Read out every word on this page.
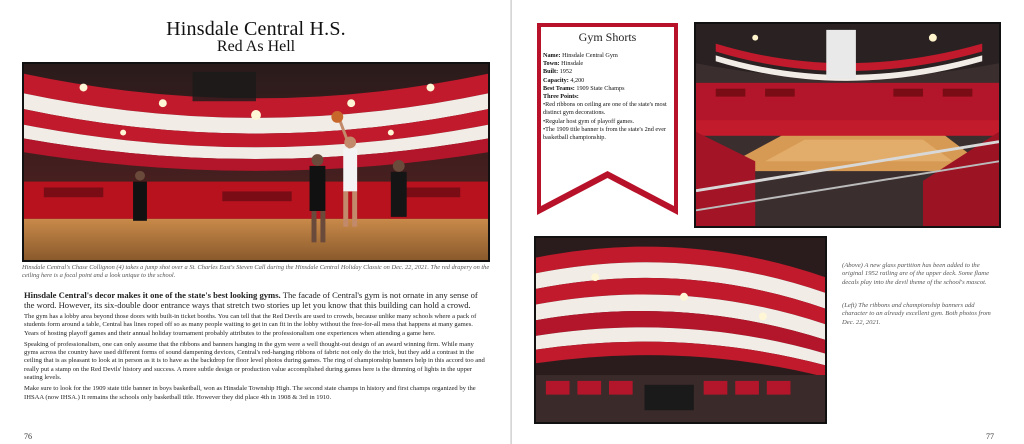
Hinsdale Central H.S.
Red As Hell
Hinsdale Central's Chase Collignon (4) takes a jump shot over a St. Charles East's Steven Call during the Hinsdale Central Holiday Classic on Dec. 22, 2021. The red drapery on the ceiling here is a focal point and a look unique to the school.

Hinsdale Central's decor makes it one of the state's best looking gyms. The facade of Central's gym is not ornate in any sense of the word. However, its six-double door entrance ways that stretch two stories up let you know that this building can hold a crowd.

The gym has a lobby area beyond those doors with built-in ticket booths. You can tell that the Red Devils are used to crowds, because unlike many schools where a pack of students form around a table, Central has lines roped off so as many people waiting to get in can fit in the lobby without the free-for-all mess that happens at many games. Years of hosting playoff games and their annual holiday tournament probably attributes to the professionalism one experiences when attending a game here.

Speaking of professionalism, one can only assume that the ribbons and banners hanging in the gym were a well thought-out design of an award winning firm. While many gyms across the country have used different forms of sound dampening devices, Central's red-hanging ribbons of fabric not only do the trick, but they add a contrast in the ceiling that is as pleasant to look at in person as it is to have as the backdrop for floor level photos during games. The ring of championship banners help in this accord too and really put a stamp on the Red Devils' history and success. A more subtle design or production value accomplished during games here is the dimming of lights in the upper seating levels.

Make sure to look for the 1909 state title banner in boys basketball, won as Hinsdale Township High. The second state champs in history and first champs organized by the IHSAA (now IHSA.) It remains the schools only basketball title. However they did place 4th in 1908 & 3rd in 1910.

76	77
Gym Shorts
Name: Hinsdale Central Gym
Town: Hinsdale
Built: 1952
Capacity: 4,200
Best Teams: 1909 State Champs
Three Points:
•Red ribbons on ceiling are one of the state's most distinct gym decorations.
•Regular host gym of playoff games.
•The 1909 title banner is from the state's 2nd ever basketball championship.
(Above) A new glass partition has been added to the original 1952 railing are of the upper deck. Some flame decals play into the devil theme of the school's mascot.
(Left) The ribbons and championship banners add character to an already excellent gym. Both photos from Dec. 22, 2021.
